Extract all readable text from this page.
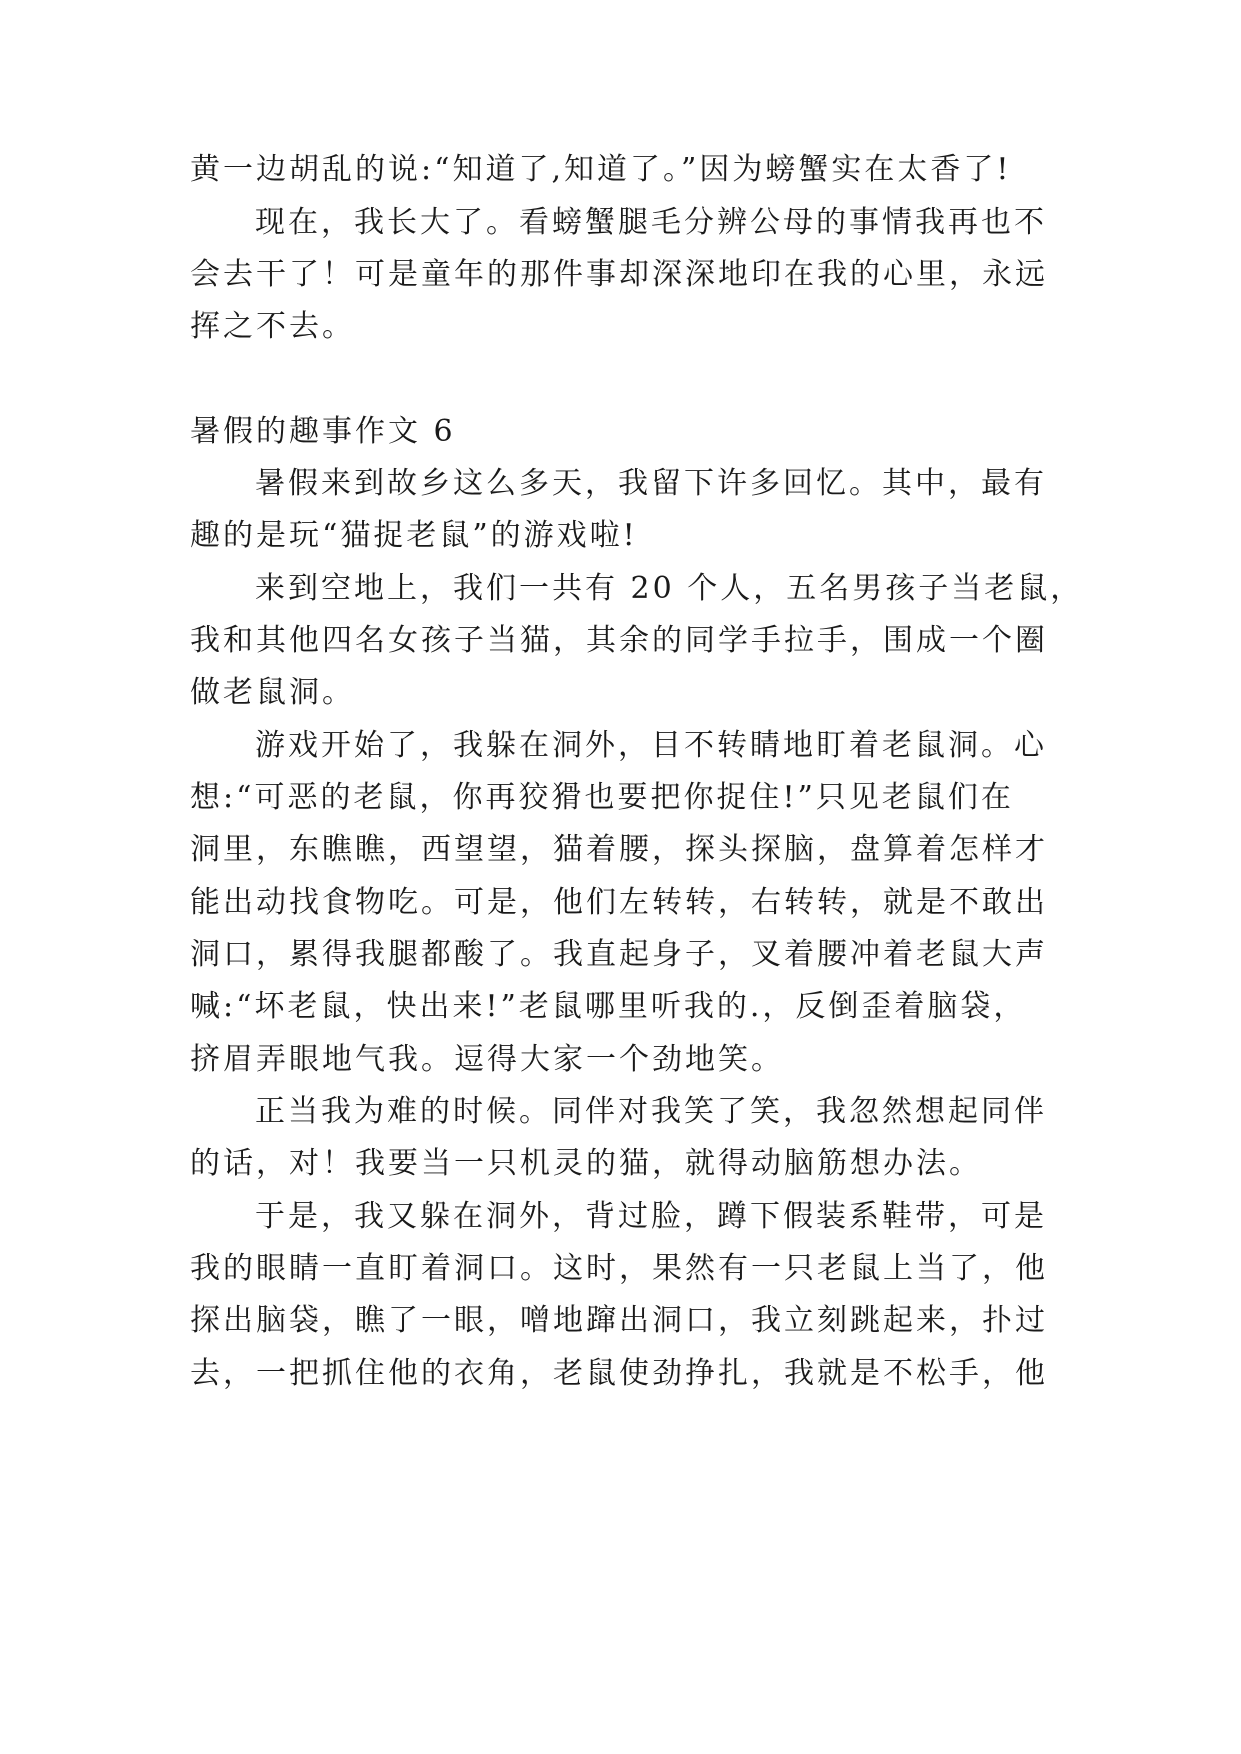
黄一边胡乱的说:“知道了,知道了。”因为螃蟹实在太香了!
现在，我长大了。看螃蟹腿毛分辨公母的事情我再也不
会去干了！可是童年的那件事却深深地印在我的心里，永远
挥之不去。
暑假的趣事作文 6
暑假来到故乡这么多天，我留下许多回忆。其中，最有
趣的是玩“猫捉老鼠”的游戏啦!
来到空地上，我们一共有 20 个人，五名男孩子当老鼠，
我和其他四名女孩子当猫，其余的同学手拉手，围成一个圈
做老鼠洞。
游戏开始了，我躲在洞外，目不转睛地盯着老鼠洞。心
想:“可恶的老鼠，你再狡猾也要把你捉住!”只见老鼠们在
洞里，东瞧瞧，西望望，猫着腰，探头探脑，盘算着怎样才
能出动找食物吃。可是，他们左转转，右转转，就是不敢出
洞口，累得我腿都酸了。我直起身子，叉着腰冲着老鼠大声
喊:“坏老鼠，快出来!”老鼠哪里听我的.，反倒歪着脑袋，
挤眉弄眼地气我。逗得大家一个劲地笑。
正当我为难的时候。同伴对我笑了笑，我忽然想起同伴
的话，对！我要当一只机灵的猫，就得动脑筋想办法。
于是，我又躲在洞外，背过脸，蹲下假装系鞋带，可是
我的眼睛一直盯着洞口。这时，果然有一只老鼠上当了，他
探出脑袋，瞧了一眼，噌地蹿出洞口，我立刻跳起来，扑过
去，一把抓住他的衣角，老鼠使劲挣扎，我就是不松手，他
